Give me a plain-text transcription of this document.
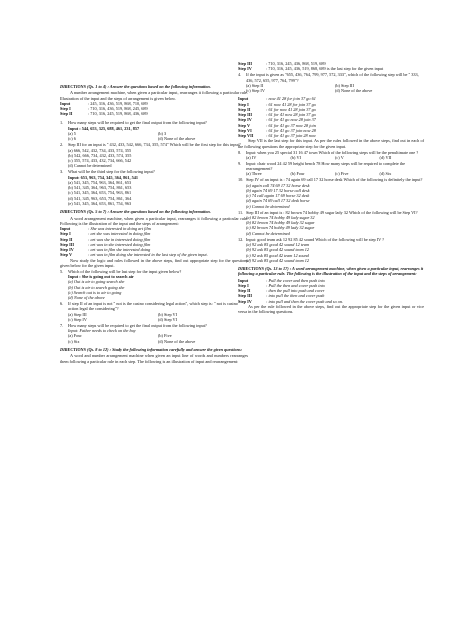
DIRECTIONS (Qs. 1 to 4) : Answer the questions based on the following information.

A number arrangement machine, when given a particular input, rearranges it following a particular rule. Illustration of the input and the steps of arrangement is given below.

Input	: 245, 316, 436, 519, 868, 710, 689
Step I	: 710, 316, 436, 519, 868, 245, 689
Step II	: 710, 316, 245, 519, 868, 436, 689
1.	How many steps will be required to get the final output from the following input?
Input : 544, 653, 325, 688, 461, 231, 857
(a) 5	(b) 3
(c) 6	(d) None of the above
2.	Step III for an input is " 432, 433, 542, 666, 734, 355, 574" Which will be the first step for this input?
(a) 666, 542, 432, 734, 433, 574, 355
(b) 542, 666, 734, 432, 433, 574, 355
(c) 355, 574, 433, 432, 734, 666, 542
(d) Cannot be determined
3.	What will be the third step for the following input?
Input: 653, 963, 754, 345, 364, 861, 541
(a) 541, 345, 754, 963, 364, 861, 653
(b) 541, 345, 364, 963, 754, 861, 653
(c) 541, 345, 364, 653, 754, 963, 861
(d) 541, 345, 963, 653, 754, 861, 364
(e) 541, 345, 364, 653, 861, 754, 963

DIRECTIONS (Qs. 5 to 7) : Answer the questions based on the following information.

A word arrangement machine, when given a particular input, rearranges it following a particular rule. Following is the illustration of the input and the steps of arrangement:

Input	: She was interested in doing art film
Step I	: art she was interested in doing film
Step II	: art was she in interested doing film
Step III	: art was in she interested doing film
Step IV	: art was in film she interested doing
Step V	: art was in film doing she interested in the last step of the given input.

Now study the logic and rules followed in the above steps, find out appropriate step for the questions given below for the given input.

5.	Which of the following will be last step for the input given below?
Input : She is going out to search air
(a) Out is air to going search she
(b) Out is air to search going she
(c) Search out is to air to going
(d) None of the above
6.	If step II of an input is not " not is the casino considering legal action", which step is: " not is casino action legal the considering"?
(a) Step III	(b) Step VI
(c) Step IV	(d) Step VI
7.	How many steps will be required to get the final output from the following input?
Input: Father needs to check on the buy
(a) Four	(b) Five
(c) Six	(d) None of the above

DIRECTIONS (Qs. 8 to 12) : Study the following information carefully and answer the given questions:

A word and number arrangement machine when given an input line of words and numbers rearranges them following a particular rule in each step. The following is an illustration of input and rearrangement:

Step III	: 710, 316, 245, 436, 868, 519, 689
Step IV	: 710, 316, 245, 436, 519, 868, 689 is the last step for the given input
4.	If the input is given as "655, 436, 764, 799, 977, 572, 333", which of the following step will be " 333, 436, 572, 655, 977, 764, 799"?
(a) Step II	(b) Step III
(c) Step IV	(d) None of the above
Input	: now 41 28 for join 37 go 61
Step I	: 61 now 41 28 for join 37 go
Step II	: 61 for now 41 28 join 37 go
Step III	: 61 for 41 now 28 join 37 go
Step IV	: 61 for 41 go now 28 join 37
Step V	: 61 for 41 go 37 now 28 join
Step VI	: 61 for 41 go 37 join now 28
Step VII	: 61 for 41 go 37 join 28 now

Step VII is the last step for this input. As per the rules followed in the above steps, find out in each of the following questions the appropriate step for the given input.

8.	Input: when you 25 special 31 16 47 town Which of the following steps will be the penultimate one ?
(a) IV	(b) VI	(c) V	(d) VII
9.	Input: chair wood 24 42 59 height bench 78 How many steps will be required to complete the rearrangement?
(a) Three	(b) Four	(c) Five	(d) Six
10. Step IV of an input is : 74 again 69 call 17 32 horse desk Which of the following is definitely the input?
(a) again call 74 69 17 32 horse desk
(b) again 74 69 17 32 horse call desk
(c) 74 call again 17 69 horse 32 desk
(d) again 74 69 call 17 32 desk horse
(e) Cannot be determined
11. Step III of an input is : 82 brown 74 hobby 49 sugar lady 32 Which of the following will be Step VI?
(a) 82 brown 74 hobby 49 lady sugar 32
(b) 82 brown 74 hobby 49 lady 32 sugar
(c) 82 brown 74 hobby 49 lady 32 sugar
(d) Cannot be determined
12. Input: good team ask 12 92 85 42 sound Which of the following will be step IV ?
(a) 92 ask 85 good 42 sound 12 team
(b) 92 ask 85 good 42 sound team 12
(c) 92 ask 85 good 42 team 12 sound
(d) 92 ask 85 good 42 sound team 12

DIRECTIONS (Qs. 13 to 17) : A word arrangement machine, when given a particular input, rearranges it following a particular rule. The following is the illustration of the input and the steps of arrangement:

Input	: Pull the cover and then push into
Step I	: Pull the then and cover push into
Step II	: then the pull into push and cover
Step III	: into pull the then and cover push
Step IV	: into pull and then the cover push and so on.

As per the rule followed in the above steps, find out the appropriate step for the given input or vice versa in the following questions.
